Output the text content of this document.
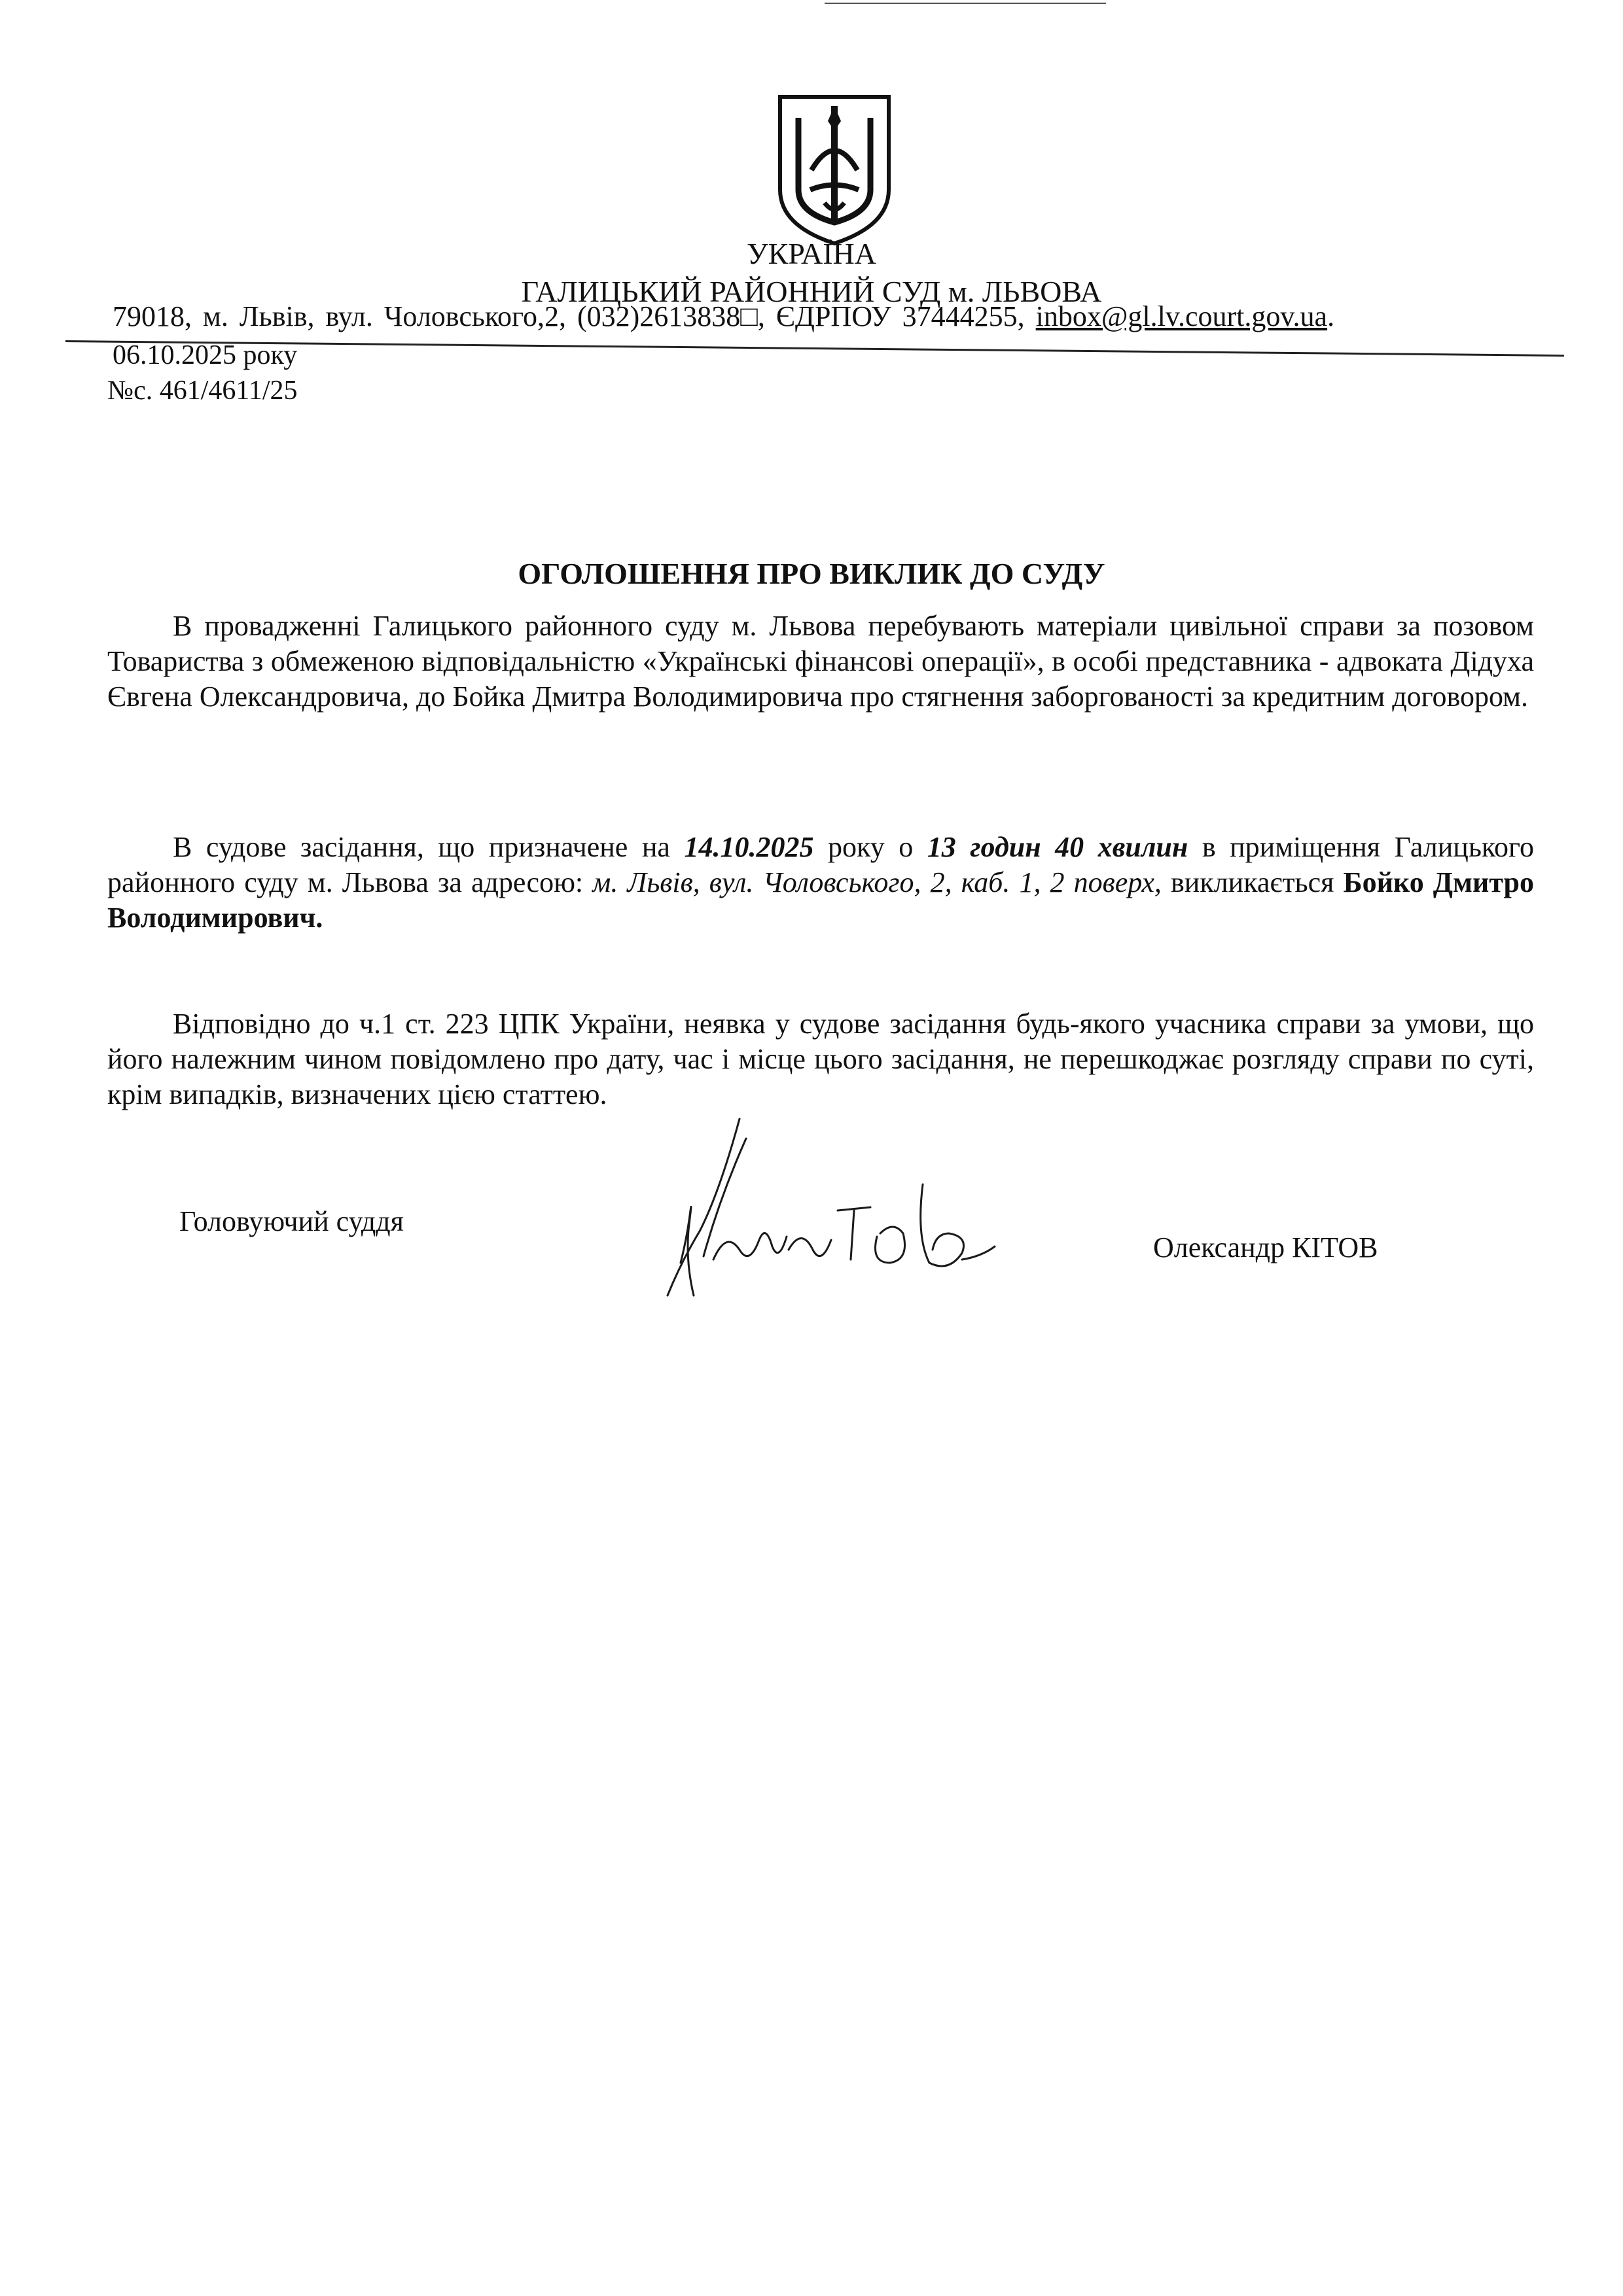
УКРАЇНА
ГАЛИЦЬКИЙ РАЙОННИЙ СУД м. ЛЬВОВА
79018, м. Львів, вул. Чоловського,2, (032)2613838□, ЄДРПОУ 37444255, inbox@gl.lv.court.gov.ua.
06.10.2025 року
№с. 461/4611/25
ОГОЛОШЕННЯ ПРО ВИКЛИК ДО СУДУ
В провадженні Галицького районного суду м. Львова перебувають матеріали цивільної справи за позовом Товариства з обмеженою відповідальністю «Українські фінансові операції», в особі представника - адвоката Дідуха Євгена Олександровича, до Бойка Дмитра Володимировича про стягнення заборгованості за кредитним договором.
В судове засідання, що призначене на 14.10.2025 року о 13 годин 40 хвилин в приміщення Галицького районного суду м. Львова за адресою: м. Львів, вул. Чоловського, 2, каб. 1, 2 поверх, викликається Бойко Дмитро Володимирович.
Відповідно до ч.1 ст. 223 ЦПК України, неявка у судове засідання будь-якого учасника справи за умови, що його належним чином повідомлено про дату, час і місце цього засідання, не перешкоджає розгляду справи по суті, крім випадків, визначених цією статтею.
Головуючий суддя
Олександр КІТОВ
